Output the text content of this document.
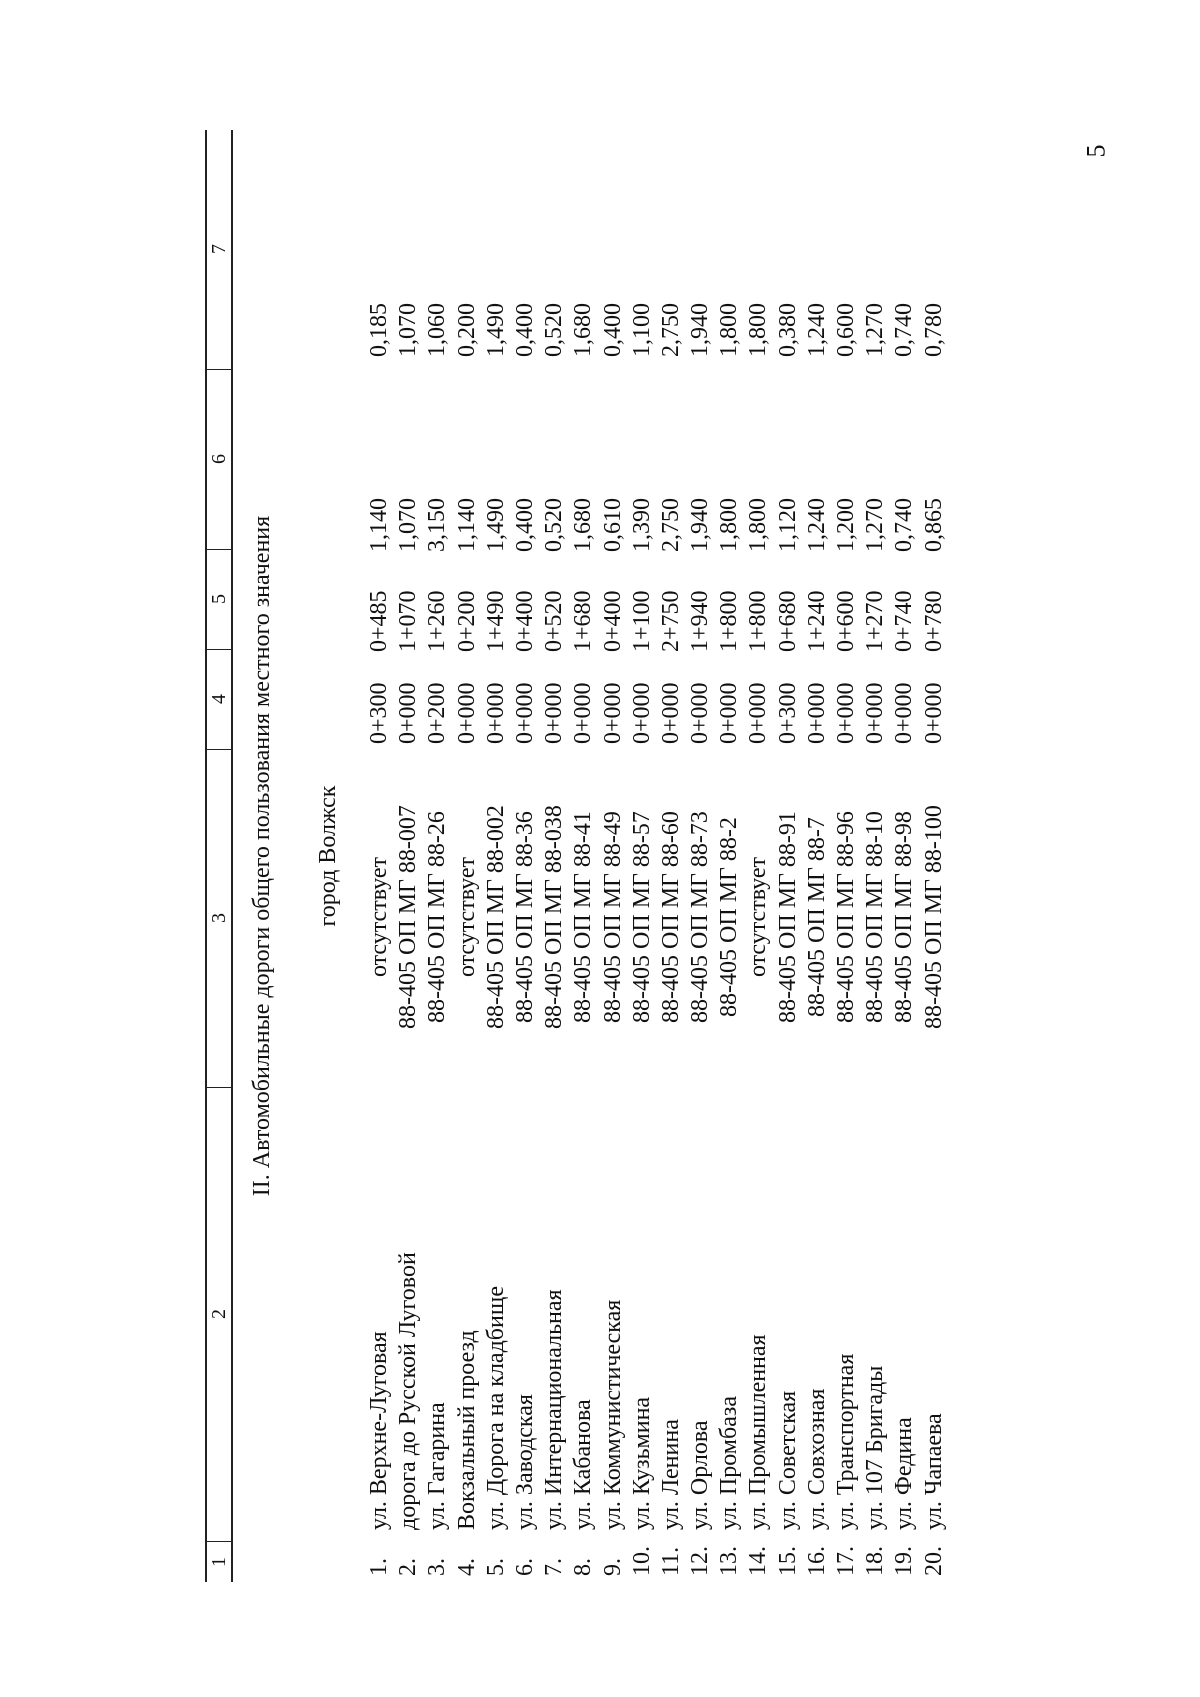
5
1
2
3
4
5
6
7
II. Автомобильные дороги общего пользования местного значения город Волжск
1.
ул. Верхне-Луговая
отсутствует
0+300
0+485
1,140
0,185
2.
дорога до Русской Луговой
88-405 ОП МГ 88-007
0+000
1+070
1,070
1,070
3.
ул. Гагарина
88-405 ОП МГ 88-26
0+200
1+260
3,150
1,060
4.
Вокзальный проезд
отсутствует
0+000
0+200
1,140
0,200
5.
ул. Дорога на кладбище
88-405 ОП МГ 88-002
0+000
1+490
1,490
1,490
6.
ул. Заводская
88-405 ОП МГ 88-36
0+000
0+400
0,400
0,400
7.
ул. Интернациональная
88-405 ОП МГ 88-038
0+000
0+520
0,520
0,520
8.
ул. Кабанова
88-405 ОП МГ 88-41
0+000
1+680
1,680
1,680
9.
ул. Коммунистическая
88-405 ОП МГ 88-49
0+000
0+400
0,610
0,400
10.
ул. Кузьмина
88-405 ОП МГ 88-57
0+000
1+100
1,390
1,100
11.
ул. Ленина
88-405 ОП МГ 88-60
0+000
2+750
2,750
2,750
12.
ул. Орлова
88-405 ОП МГ 88-73
0+000
1+940
1,940
1,940
13.
ул. Промбаза
88-405 ОП МГ 88-2
0+000
1+800
1,800
1,800
14.
ул. Промышленная
отсутствует
0+000
1+800
1,800
1,800
15.
ул. Советская
88-405 ОП МГ 88-91
0+300
0+680
1,120
0,380
16.
ул. Совхозная
88-405 ОП МГ 88-7
0+000
1+240
1,240
1,240
17.
ул. Транспортная
88-405 ОП МГ 88-96
0+000
0+600
1,200
0,600
18.
ул. 107 Бригады
88-405 ОП МГ 88-10
0+000
1+270
1,270
1,270
19.
ул. Федина
88-405 ОП МГ 88-98
0+000
0+740
0,740
0,740
20.
ул. Чапаева
88-405 ОП МГ 88-100
0+000
0+780
0,865
0,780
